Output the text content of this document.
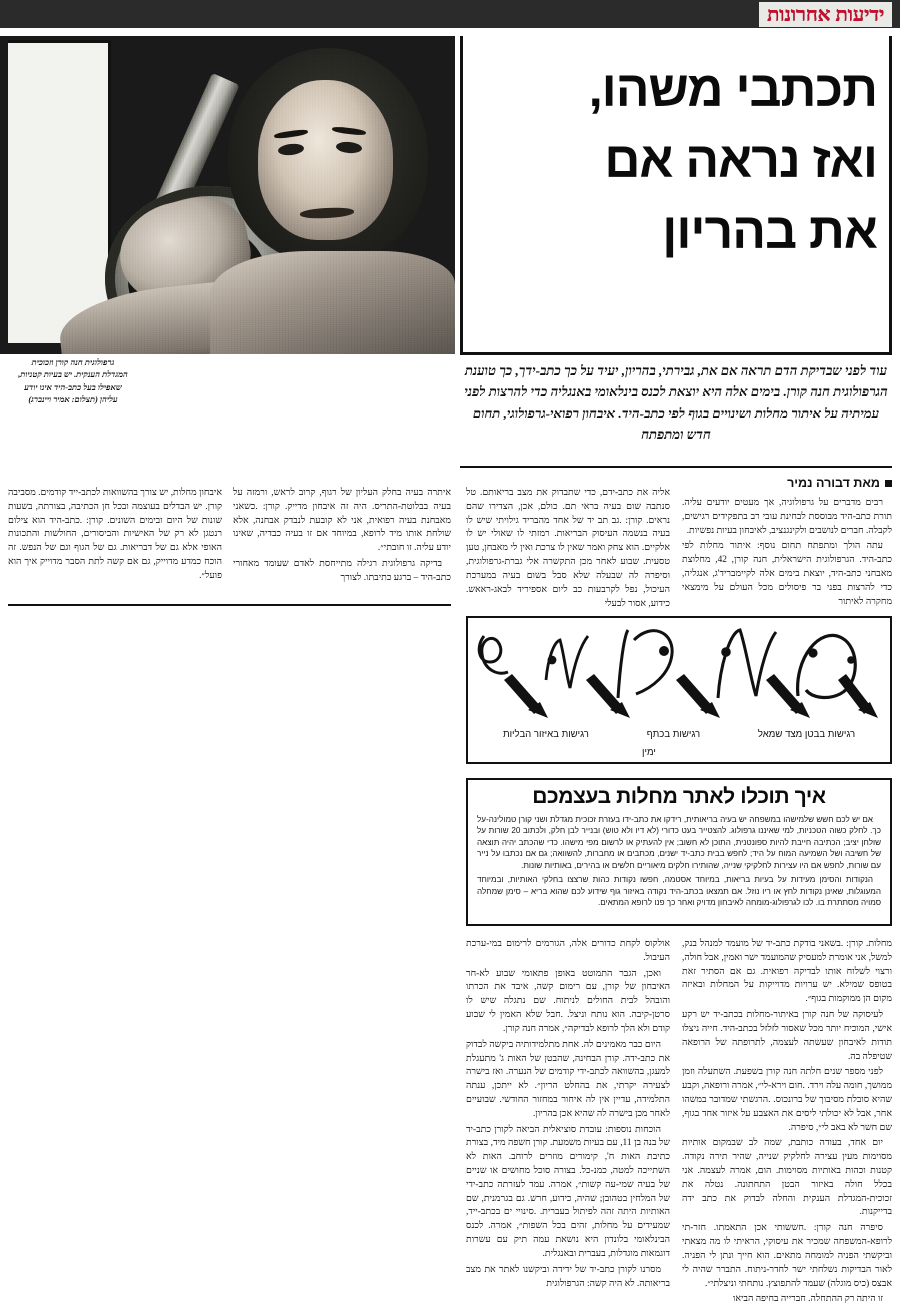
ידיעות אחרונות
גרפולוגית חנה קורן וזכוכית המגדלת הענקית. יש בעיות קטניות, שאפילו בעל כתב-היד אינו יודע עליהן (תצלום: אמיר ויינברג)
תכתבי משהו,
ואז נראה אם
את בהריון
עוד לפני שבדיקת הדם תראה אם את, גבירתי, בהריון, יעיד על כך כתב-ידך, כך טוענת הגרפולוגית חנה קורן. בימים אלה היא יוצאת לכנס בינלאומי באנגליה כדי להרצות לפני עמיתיה על איתור מחלות ושינויים בגוף לפי כתב-היד. איבחון רפואי-גרפולוגי, תחום חדש ומתפתח
מאת דבורה נמיר

איבחון מחלות, יש צורך בהשוואות לכתב-ייד קודמים. מסביבה קורן. יש הבדלים בעוצמה ובכל חן הכתיבה, בצורתה, בשעות שונות של היום ובימים השונים. קורן: .כתב-היד הוא צילום רנטגן לא רק של האישיות והביסורים, החולשות והתכונות האופי אלא גם של דבריאות. גם של הגוף וגם של הנפש. זה הוכח כמדע מדוייק, גם אם קשה לתת הסבר מדוייק איך הוא פועל״.

איתרה בעיה בחלק העליון של רגוף, קרוב לראש, ורמזה על בעיה בבלוטת-התריס. היה זה איבחון מדייק. קורן: .כשאני מאבחנת בעיה רפואית, אני לא קובעת לנבדק אבחנה, אלא שולחת אותו מיד לרופא, במיוחד אם זו בעיה כבדיה, שאינו יודע עליה. זו חובתי״.

בדיקה גרפולוגית רגילה מתייחסת לאדם שעומד מאחורי כתב-היד – ברגע כתיבתו. לצורך

אליה את כתב-ידם, כדי שתבדוק את מצב בריאותם. טל סנתבה שום בעיה בראי תם. כולם, אכן, הצדירו שהם נראים. קורן: .גב תב יד של אחד מהבריד גילויתי שיש לו בעיה בנשמה העיסוק הבריאות. רמזתי לו שאולי יש לו אלקיים. הוא צחק ואמר שאין לו צרכת ואין לי מאבחן, טען טסעית. שבוע לאחר מכן התקשרה אלי גברת-גרפולוגית, וסיפרה לה שבעלה שלא סבל בשום בעיה במערכת העיכול, נפל לקרבעות כב ליום אספיריד לבאג-ראאש. כידוע, אסור לבעלי

רבים מדברים על גרפולוגיה, אך מעטים יודעים עליה. תורת כתב-היד מבוססת לבחינת עובי רב בתפקידים רגישים, לקבלה. חברים לנושבים ולקינגנציב, לאיבחון בעיות נפשיות.

עתה הולך ומתפתח תחום נוסף: איתור מחלות לפי כתב-היד. הגרפולוגית הישראלית, חנה קורן, 42, מחלוצת מאבחני כתב-היד, יוצאת בימים אלה לקיימבריד'ג, אנגליה, כדי להרצות בפני בר פיסולים מכל העולם על מימצאי מחקרה לאיתור

רגישות בבטן מצד שמאל
רגישות בכתף
רגישות באיזור הבליות
ימין
איך תוכלו לאתר מחלות בעצמכם

אם יש לכם חשש שלמישהו במשפחה יש בעיה בריאותית, רידקו את כתב-ידו בעזרת זכוכית מגדלת ושני קורן טמולינה-על כך. לחלק כשוה הטכניות, למי שאיננו גרפולוג. להצטייר בעט כדורי (לא דיו ולא טוש) ובנייר לבן חלק, ולכתוב 20 שורות על שולחן יציב; הכתיבה חייבת להיות ספונטנית, התוכן לא חשוב; אין להעתיק או לרשום מפי מישהו. כדי שהכתב יהיה תוצאה של חשיבה ושל השמיעה המוח על היד; לחפש בבית כתב-יד ישנים, מכתבים או מחברות, להשוואה; גם אם נכתבו על נייר עם שורות, לחפש אם היו עצירות לחלקיקי שנייה, שהותירו חלקים מיאוריים חלשים או בהירים, באותיות שונות.

הנקודות והסימן מעידות על בעיות בריאות, במיוחד אסטמה, חפשו נקודות כהות שרצצו בחלקי האותיות, ובמיוחד המעוגלות, שאינן נקודות לחץ או ריו נוזל. אם תמצאו בכתב-היד נקודה באיזור גוף שידוע לכם שהוא בריא – סימן שמחלה סמויה מסתתרת בו. לכו לגרפולוג-מומחה לאיבחון מדויק ואחר כך פנו לרופא המתאים.

אולקוס לקחת כדורים אלה, הגורמים לרימום במי-ערכת העיבול.

ואכן, הגבר התמוטט באופן פתאומי שבוע לא-חר האיבחון של קורן, עם רימום קשה, איבד את הכרתו והובהל לבית החולים לניתוח. שם נתגלה שיש לו סרטן-קיבה. הוא נותח וניצל. .חבל שלא האמין לי שבוע קודם ולא הלך לרופא לבדיקה״, אמרה חנה קורן.

היום כבר מאמינים לה. אחת מתלמידותיה ביקשה לבדוק את כתב-ידה. קורן הבחינה, שהבטן של האות ג' מתעגלת למעגן, בהשוואה לכתב-ידי קודמים של הנערה. ואז בישרה לצעירה יקרתי, את בהחלט הריון״. לא ייתכן, ענתה התלמידה, עדיין אין לה איחור במחזור החודשי. שבועיים לאחר מכן בישרה לה שהיא אכן בהריון.

הוכחות נוספות: עובדת סוציאלית הביאה לקורן כתב-יד של בנה בן 11, עם בעיות משמעת. קורן חשפה מיד, בצורת כתיבת האות ח', קימורים מוזרים לרוחב. האות לא השתייכה למטה, כמנ-כל. בצורה סוכל מחושים או שניים של בעיה שמי-עה קשות״, אמרה. עמד לעזרתה כתב-ידי של המלחין בטהובן; שהיה, כידוע, חרש. גם בגרמנית, שם האותיות היתה זהה לפיתול בעברית. .סינויי ים בכתב-ייד, שמעידים על מחלות, זהים בכל השפות״, אמרה. לכנס הבינלאומי בלונדון היא נושאת עמה תיק עם עשרות דוגמאות מוגדלות, בעברית ובאנגלית.

מסרנו לקורן כתב-יד של ידידה וביקשנו לאתר את מצב בריאותה. לא היה קשה: הגרפולוגית

מחלות. קורן: .בשאני בודקת כתב-יד של מועמד למנהל בנק, למשל, אני אומרת למעסיק שהמועמד ישר ואמין, אבל חולה, ורצוי לשלוח אותו לבדיקה רפואית. גם אם הסתיר זאת בטופס שמילא. יש ערויות מדוייקות על המחלות ובאיזה מקום הן ממוקמות בגוף״.

לעיסוקה של חנה קורן באיתור-מחלות בכתב-יד יש רקע אישי, המוכיח יותר מכל שאסור לזלזל בכתב-היד. חייה ניצלו תודות לאיבחון שעשתה לעצמה, לתרופתה של הרופאה שטיפלה בה.

לפני מספר שנים חלתה חנה קורן בשפעת. השתעלה וזמן ממושך, חומה עלה וירד. .חום וירא-לי״, אמרה ורופאה, וקבע שהיא סובלת מסיבוך של ברונכוס. .הרגשתי שמדובר במשהו אחר, אבל לא יכולתי ליסים את האצבע על איזור אחד בגוף, שם חשר לא באב לי״, סיפרה.

יום אחד, בעודה כותבת, שמה לב שבמקום אותיות מסוימות מעין עצירה לחלקיק שנייה, שהיר תירה נקודה. קטנות וכהות באותיות מסוימות. הום, אמרה לעצמה. אני בכלל חולה באיזור הבטן התחתונה. נטלה את זכוכית-המגדלת הענקית והחלה לבדוק את כתב ידה בדייקנות.

סיפרה חנה קורן: .חששותי אכן התאמתו. חזר-תי לרופא-המשפחה שמכיר את עיסוקי, הראיתי לו מה מצאתי וביקשתי הפניה למומחה מתאים. הוא חייך ונתן לי הפניה. לאור הבדיקות נשלחתי ישר לחדר-ניתוח. התברר שהיה לי אבצס (כיס מוגלה) שעמד להתפוצץ. נותחתי וניצלתי״.

זו היתה רק ההתחלה. חברייה בחיפה הביאו
